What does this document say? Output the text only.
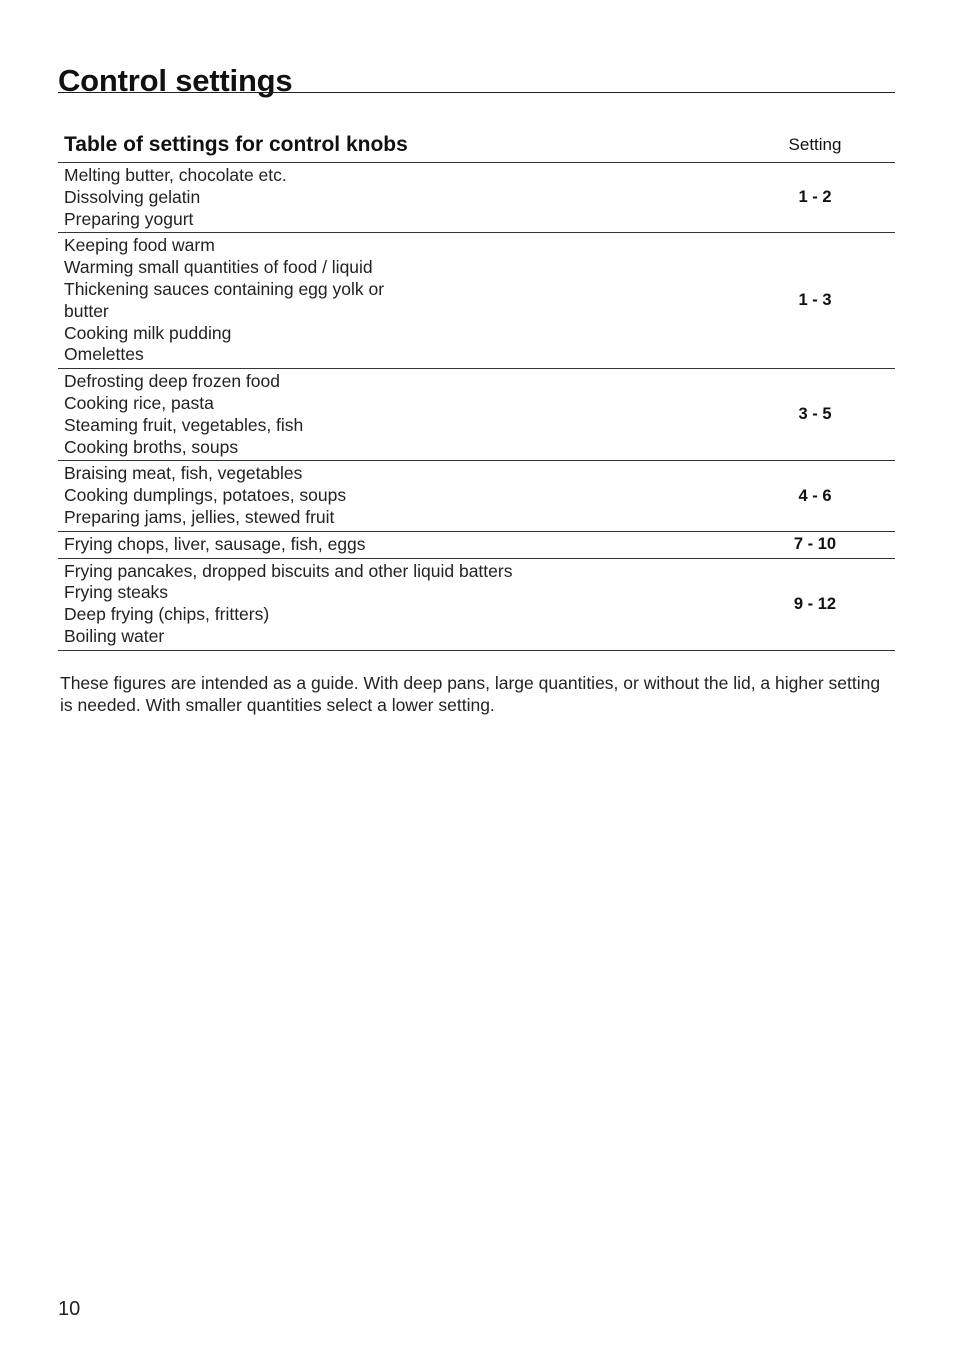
Control settings
Table of settings for control knobs	Setting
Melting butter, chocolate etc.
Dissolving gelatin
Preparing yogurt
1 - 2
Keeping food warm
Warming small quantities of food / liquid
Thickening sauces containing egg yolk or butter
Cooking milk pudding
Omelettes
1 - 3
Defrosting deep frozen food
Cooking rice, pasta
Steaming fruit, vegetables, fish
Cooking broths, soups
3 - 5
Braising meat, fish, vegetables
Cooking dumplings, potatoes, soups
Preparing jams, jellies, stewed fruit
4 - 6
Frying chops, liver, sausage, fish, eggs	7 - 10
Frying pancakes, dropped biscuits and other liquid batters
Frying steaks
Deep frying (chips, fritters)
Boiling water
9 - 12

These figures are intended as a guide. With deep pans, large quantities, or without the lid, a higher setting is needed. With smaller quantities select a lower setting.

10
